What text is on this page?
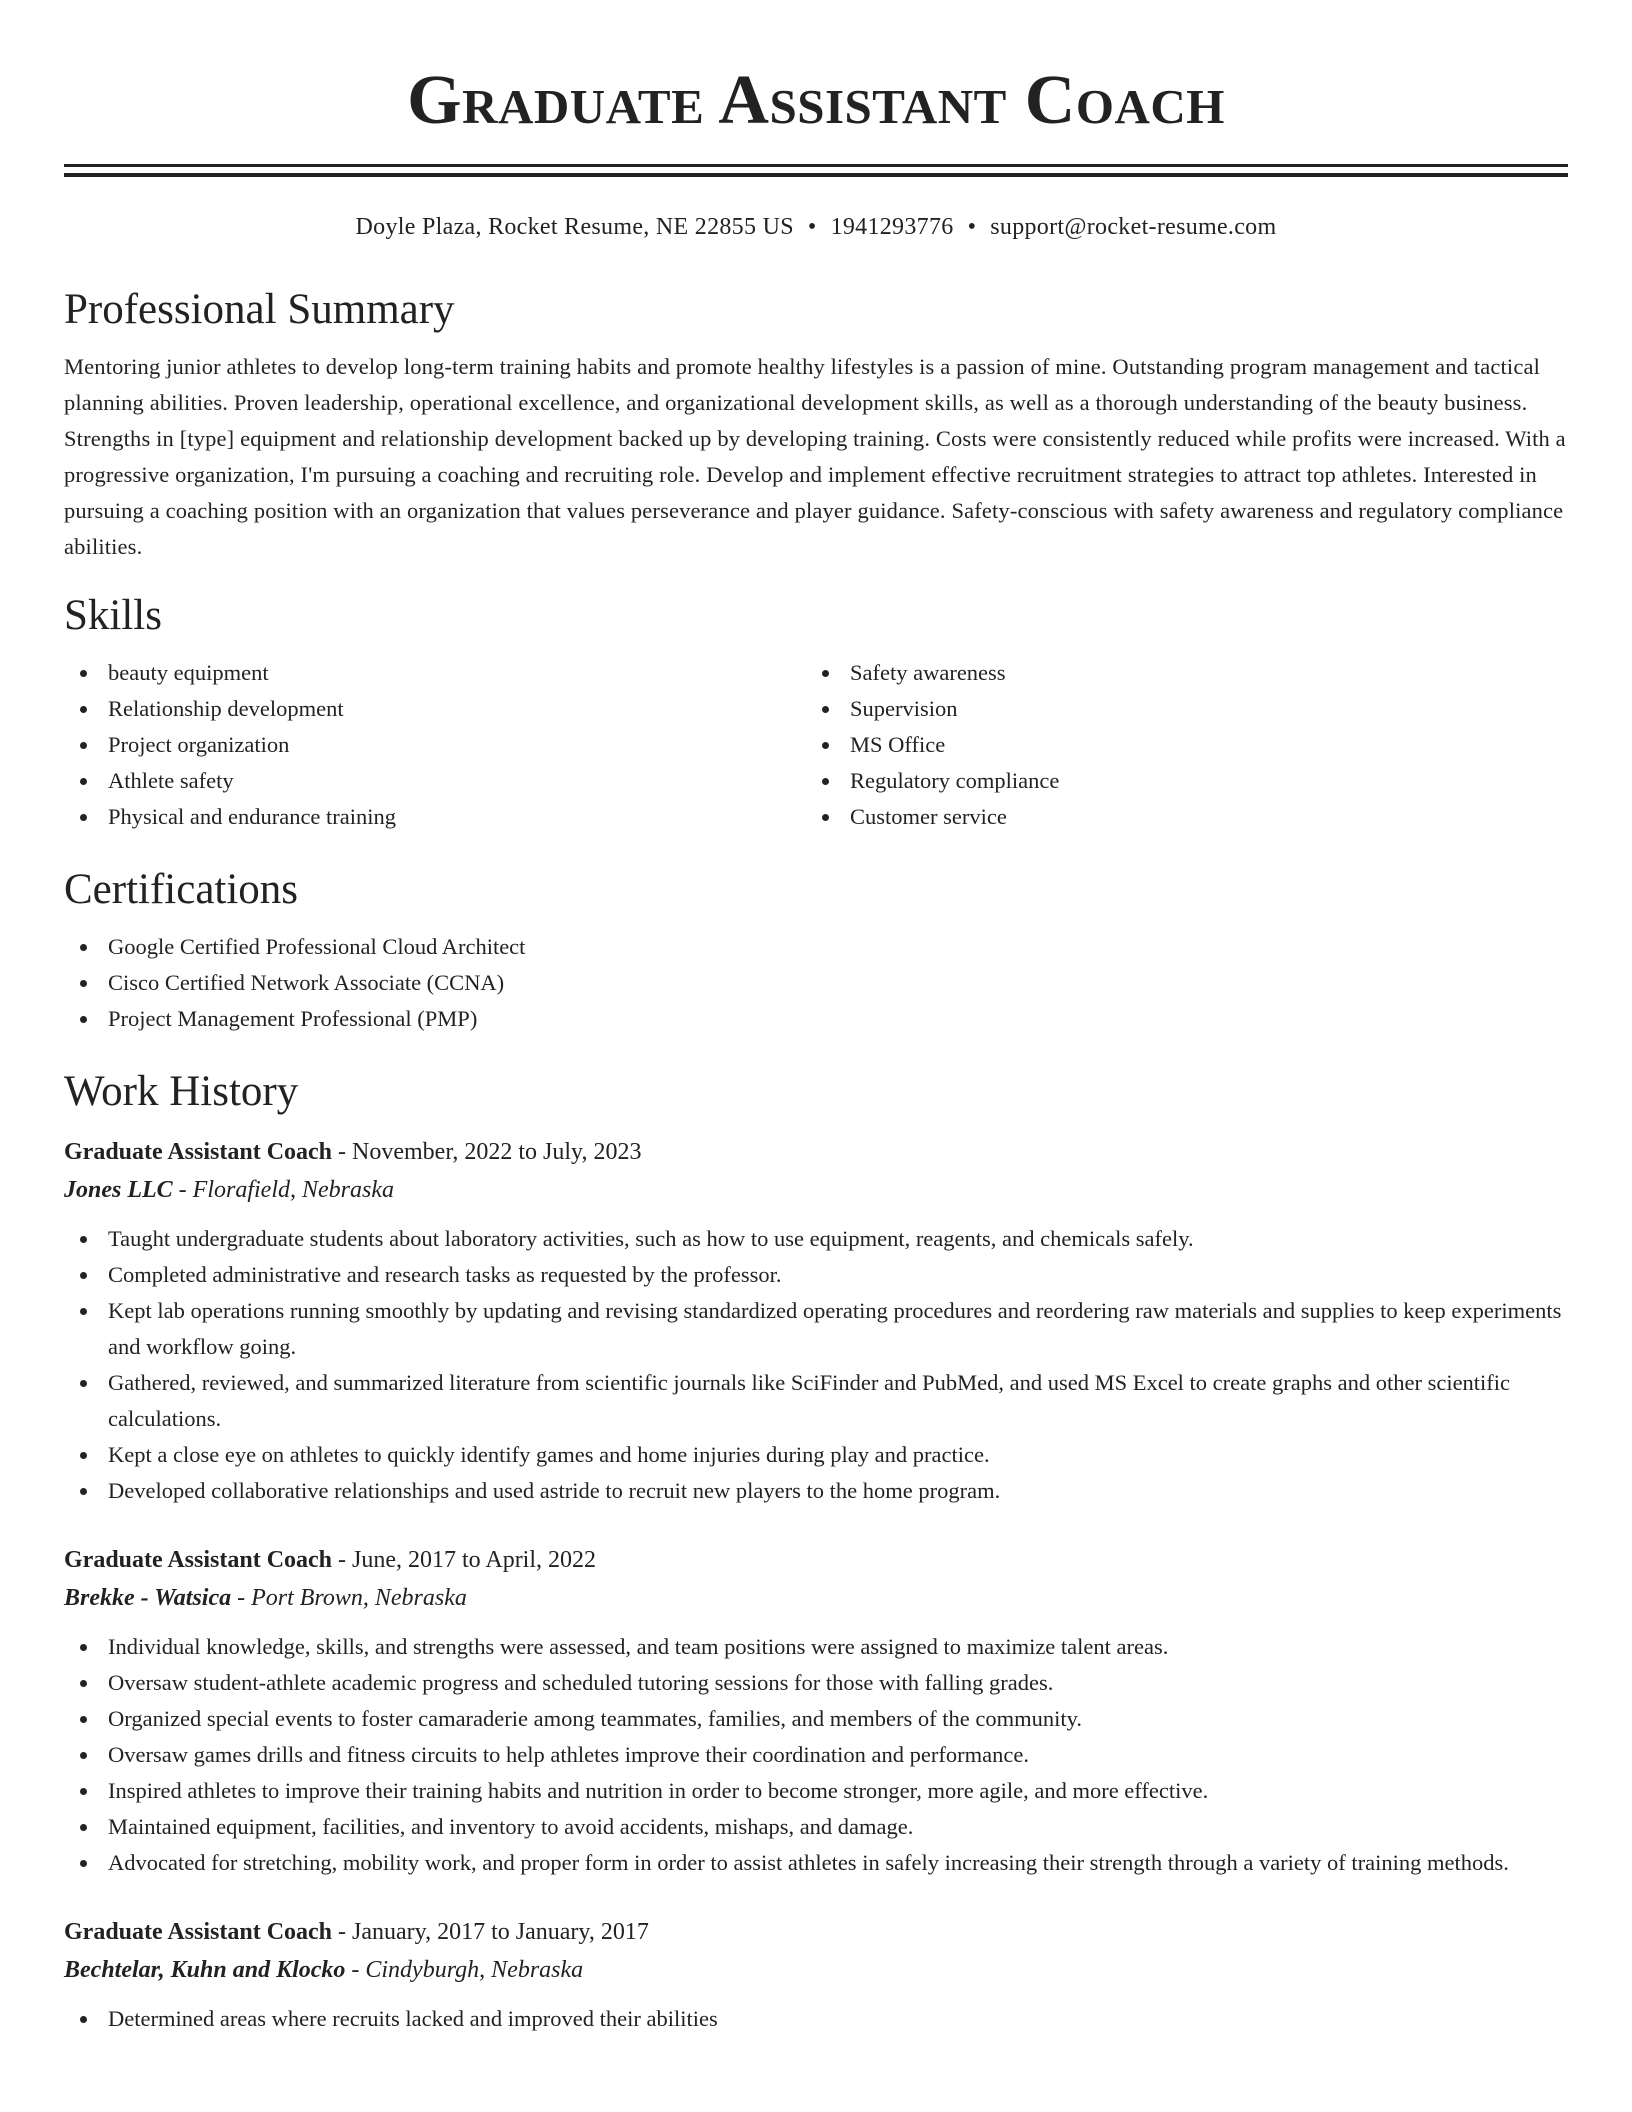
Graduate Assistant Coach
Doyle Plaza, Rocket Resume, NE 22855 US • 1941293776 • support@rocket-resume.com
Professional Summary

Mentoring junior athletes to develop long-term training habits and promote healthy lifestyles is a passion of mine. Outstanding program management and tactical planning abilities. Proven leadership, operational excellence, and organizational development skills, as well as a thorough understanding of the beauty business. Strengths in [type] equipment and relationship development backed up by developing training. Costs were consistently reduced while profits were increased. With a progressive organization, I'm pursuing a coaching and recruiting role. Develop and implement effective recruitment strategies to attract top athletes. Interested in pursuing a coaching position with an organization that values perseverance and player guidance. Safety-conscious with safety awareness and regulatory compliance abilities.

Skills
beauty equipment
Relationship development
Project organization
Athlete safety
Physical and endurance training
Safety awareness
Supervision
MS Office
Regulatory compliance
Customer service
Certifications
Google Certified Professional Cloud Architect
Cisco Certified Network Associate (CCNA)
Project Management Professional (PMP)
Work History
Graduate Assistant Coach - November, 2022 to July, 2023
Jones LLC - Florafield, Nebraska
Taught undergraduate students about laboratory activities, such as how to use equipment, reagents, and chemicals safely.
Completed administrative and research tasks as requested by the professor.
Kept lab operations running smoothly by updating and revising standardized operating procedures and reordering raw materials and supplies to keep experiments and workflow going.
Gathered, reviewed, and summarized literature from scientific journals like SciFinder and PubMed, and used MS Excel to create graphs and other scientific calculations.
Kept a close eye on athletes to quickly identify games and home injuries during play and practice.
Developed collaborative relationships and used astride to recruit new players to the home program.
Graduate Assistant Coach - June, 2017 to April, 2022
Brekke - Watsica - Port Brown, Nebraska
Individual knowledge, skills, and strengths were assessed, and team positions were assigned to maximize talent areas.
Oversaw student-athlete academic progress and scheduled tutoring sessions for those with falling grades.
Organized special events to foster camaraderie among teammates, families, and members of the community.
Oversaw games drills and fitness circuits to help athletes improve their coordination and performance.
Inspired athletes to improve their training habits and nutrition in order to become stronger, more agile, and more effective.
Maintained equipment, facilities, and inventory to avoid accidents, mishaps, and damage.
Advocated for stretching, mobility work, and proper form in order to assist athletes in safely increasing their strength through a variety of training methods.
Graduate Assistant Coach - January, 2017 to January, 2017
Bechtelar, Kuhn and Klocko - Cindyburgh, Nebraska
Determined areas where recruits lacked and improved their abilities
